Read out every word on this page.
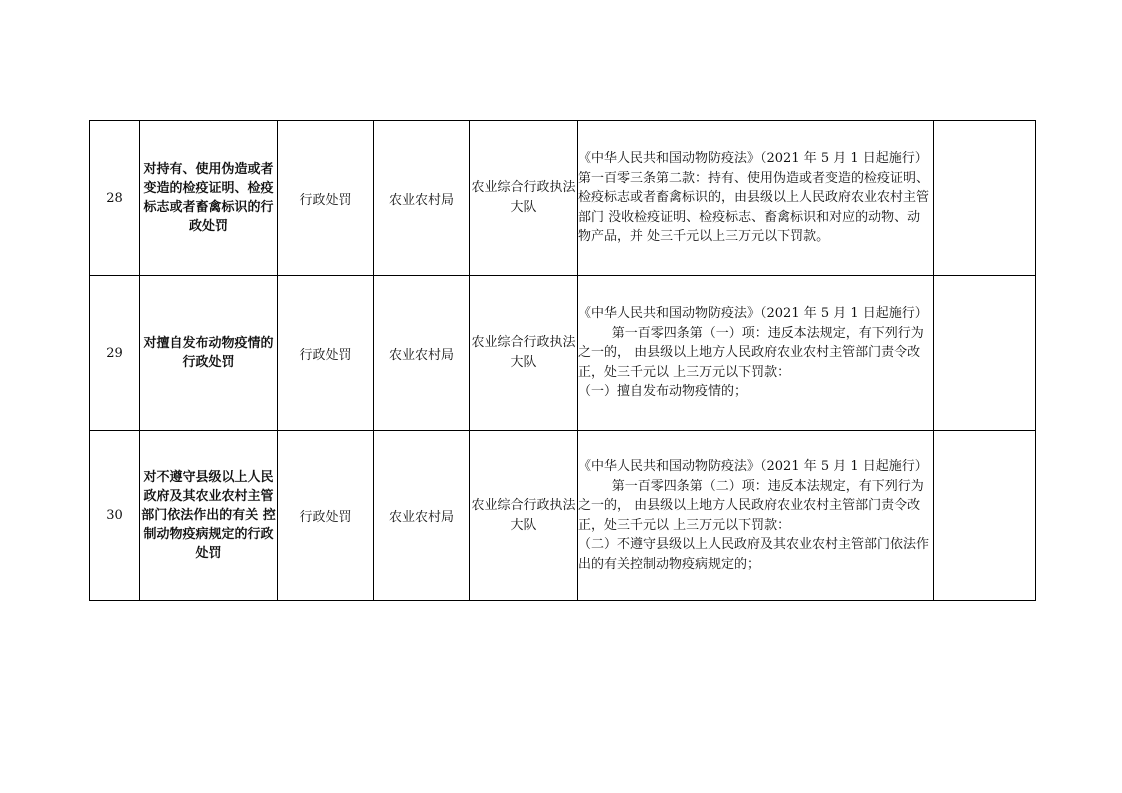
28	对持有、使用伪造或者变造的检疫证明、检疫标志或者畜禽标识的行政处罚	行政处罚	农业农村局	农业综合行政执法大队	《中华人民共和国动物防疫法》（2021 年 5 月 1 日起施行）
第一百零三条第二款：持有、使用伪造或者变造的检疫证明、 检疫标志或者畜禽标识的，由县级以上人民政府农业农村主管部门 没收检疫证明、检疫标志、畜禽标识和对应的动物、动物产品，并 处三千元以上三万元以下罚款。	

29	对擅自发布动物疫情的行政处罚	行政处罚	农业农村局	农业综合行政执法大队	《中华人民共和国动物防疫法》（2021 年 5 月 1 日起施行）
第一百零四条第（一）项：违反本法规定，有下列行为之一的， 由县级以上地方人民政府农业农村主管部门责令改正，处三千元以 上三万元以下罚款：
（一）擅自发布动物疫情的；	

30	对不遵守县级以上人民政府及其农业农村主管部门依法作出的有关 控制动物疫病规定的行政处罚	行政处罚	农业农村局	农业综合行政执法大队	《中华人民共和国动物防疫法》（2021 年 5 月 1 日起施行）
第一百零四条第（二）项：违反本法规定，有下列行为之一的， 由县级以上地方人民政府农业农村主管部门责令改正，处三千元以 上三万元以下罚款：
（二）不遵守县级以上人民政府及其农业农村主管部门依法作 出的有关控制动物疫病规定的；	
